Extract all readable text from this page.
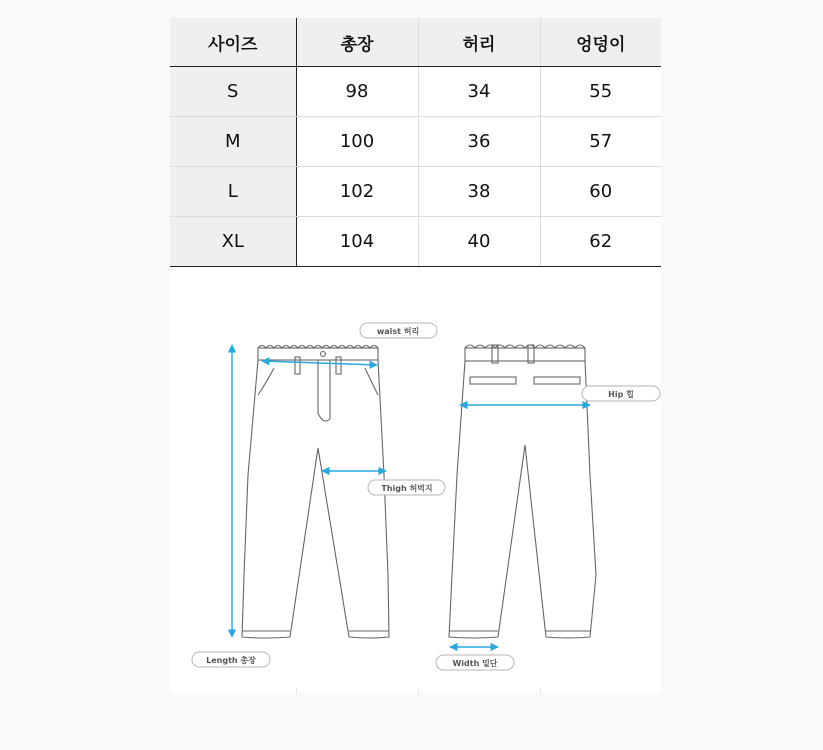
사이즈	총장	허리	엉덩이
S	98	34	55
M	100	36	57
L	102	38	60
XL	104	40	62
waist 허리
Hip 힙
Thigh 허벅지
Length 총장	Width 밑단
